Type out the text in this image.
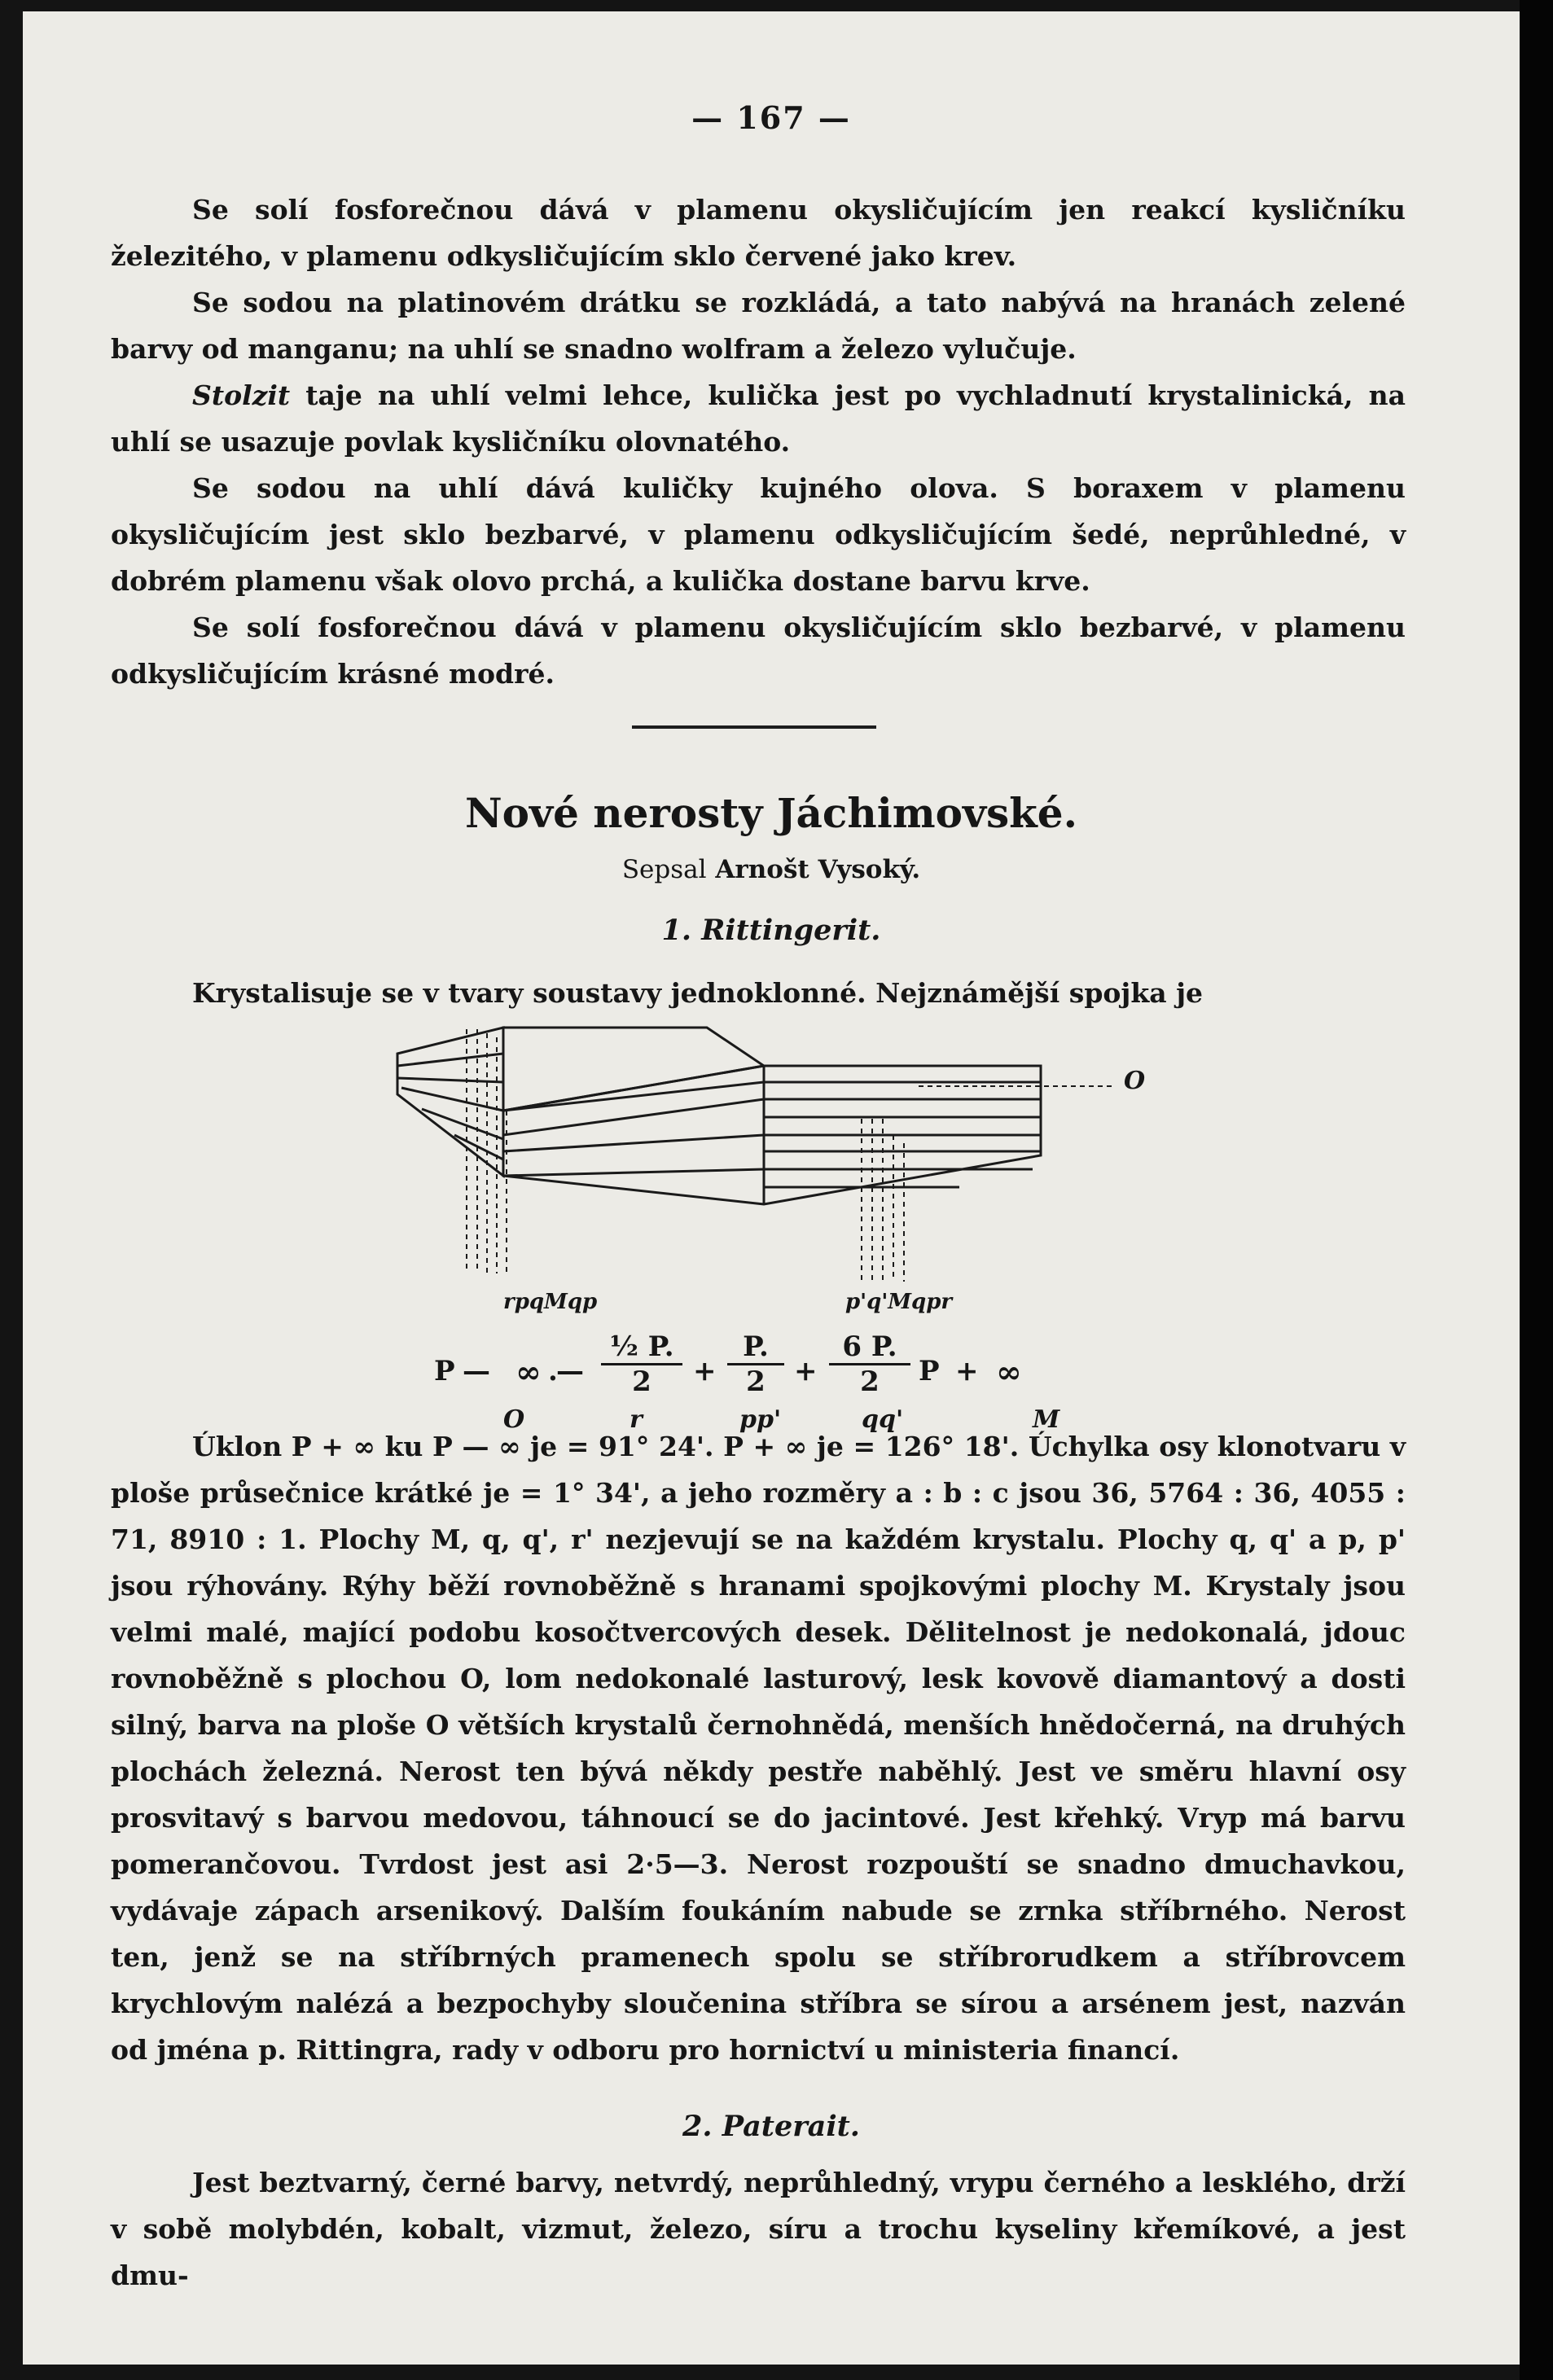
— 167 —

Se solí fosforečnou dává v plamenu okysličujícím jen reakcí kysličníku železitého, v plamenu odkysličujícím sklo červené jako krev.

Se sodou na platinovém drátku se rozkládá, a tato nabývá na hranách zelené barvy od manganu; na uhlí se snadno wolfram a železo vylučuje.

Stolzit taje na uhlí velmi lehce, kulička jest po vychladnutí krystalinická, na uhlí se usazuje povlak kysličníku olovnatého.

Se sodou na uhlí dává kuličky kujného olova. S boraxem v plamenu okysličujícím jest sklo bezbarvé, v plamenu odkysličujícím šedé, neprůhledné, v dobrém plamenu však olovo prchá, a kulička dostane barvu krve.

Se solí fosforečnou dává v plamenu okysličujícím sklo bezbarvé, v plamenu odkysličujícím krásné modré.

Nové nerosty Jáchimovské.
Sepsal Arnošt Vysoký.
1. Rittingerit.

Krystalisuje se v tvary soustavy jednoklonné. Nejznámější spojka je

O
rpqMqp	p'q'Mqpr
P — ∞ .
— $\frac{\text{½ P.}}{2} + \frac{P.}{2} + \frac{6 P.}{2}$ P + ∞
O	r	pp'	qq'	M

Úklon P + ∞ ku P — ∞ je = 91° 24'. P + ∞ je = 126° 18'. Úchylka osy klonotvaru v ploše průsečnice krátké je = 1° 34', a jeho rozměry a : b : c jsou 36, 5764 : 36, 4055 : 71, 8910 : 1. Plochy M, q, q', r' nezjevují se na každém krystalu. Plochy q, q' a p, p' jsou rýhovány. Rýhy běží rovnoběžně s hranami spojkovými plochy M. Krystaly jsou velmi malé, mající podobu kosočtvercových desek. Dělitelnost je nedokonalá, jdouc rovnoběžně s plochou O, lom nedokonalé lasturový, lesk kovově diamantový a dosti silný, barva na ploše O větších krystalů černohnědá, menších hnědočerná, na druhých plochách železná. Nerost ten bývá někdy pestře naběhlý. Jest ve směru hlavní osy prosvitavý s barvou medovou, táhnoucí se do jacintové. Jest křehký. Vryp má barvu pomerančovou. Tvrdost jest asi 2·5—3. Nerost rozpouští se snadno dmuchavkou, vydávaje zápach arsenikový. Dalším foukáním nabude se zrnka stříbrného. Nerost ten, jenž se na stříbrných pramenech spolu se stříbrorudkem a stříbrovcem krychlovým nalézá a bezpochyby sloučenina stříbra se sírou a arsénem jest, nazván od jména p. Rittingra, rady v odboru pro hornictví u ministeria financí.

2. Paterait.

Jest beztvarný, černé barvy, netvrdý, neprůhledný, vrypu černého a lesklého, drží v sobě molybdén, kobalt, vizmut, železo, síru a trochu kyseliny křemíkové, a jest dmu-
